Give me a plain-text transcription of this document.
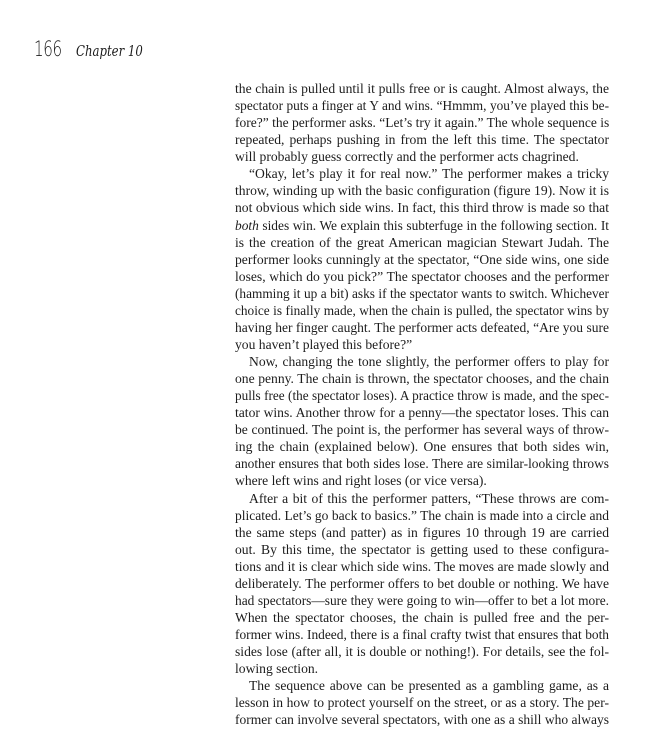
166 Chapter 10
the chain is pulled until it pulls free or is caught. Almost always, the
spectator puts a finger at Y and wins. “Hmmm, you’ve played this be-
fore?” the performer asks. “Let’s try it again.” The whole sequence is
repeated, perhaps pushing in from the left this time. The spectator
will probably guess correctly and the performer acts chagrined.
“Okay, let’s play it for real now.” The performer makes a tricky
throw, winding up with the basic configuration (figure 19). Now it is
not obvious which side wins. In fact, this third throw is made so that
both sides win. We explain this subterfuge in the following section. It
is the creation of the great American magician Stewart Judah. The
performer looks cunningly at the spectator, “One side wins, one side
loses, which do you pick?” The spectator chooses and the performer
(hamming it up a bit) asks if the spectator wants to switch. Whichever
choice is finally made, when the chain is pulled, the spectator wins by
having her finger caught. The performer acts defeated, “Are you sure
you haven’t played this before?”
Now, changing the tone slightly, the performer offers to play for
one penny. The chain is thrown, the spectator chooses, and the chain
pulls free (the spectator loses). A practice throw is made, and the spec-
tator wins. Another throw for a penny—the spectator loses. This can
be continued. The point is, the performer has several ways of throw-
ing the chain (explained below). One ensures that both sides win,
another ensures that both sides lose. There are similar-looking throws
where left wins and right loses (or vice versa).
After a bit of this the performer patters, “These throws are com-
plicated. Let’s go back to basics.” The chain is made into a circle and
the same steps (and patter) as in figures 10 through 19 are carried
out. By this time, the spectator is getting used to these configura-
tions and it is clear which side wins. The moves are made slowly and
deliberately. The performer offers to bet double or nothing. We have
had spectators—sure they were going to win—offer to bet a lot more.
When the spectator chooses, the chain is pulled free and the per-
former wins. Indeed, there is a final crafty twist that ensures that both
sides lose (after all, it is double or nothing!). For details, see the fol-
lowing section.
The sequence above can be presented as a gambling game, as a
lesson in how to protect yourself on the street, or as a story. The per-
former can involve several spectators, with one as a shill who always
